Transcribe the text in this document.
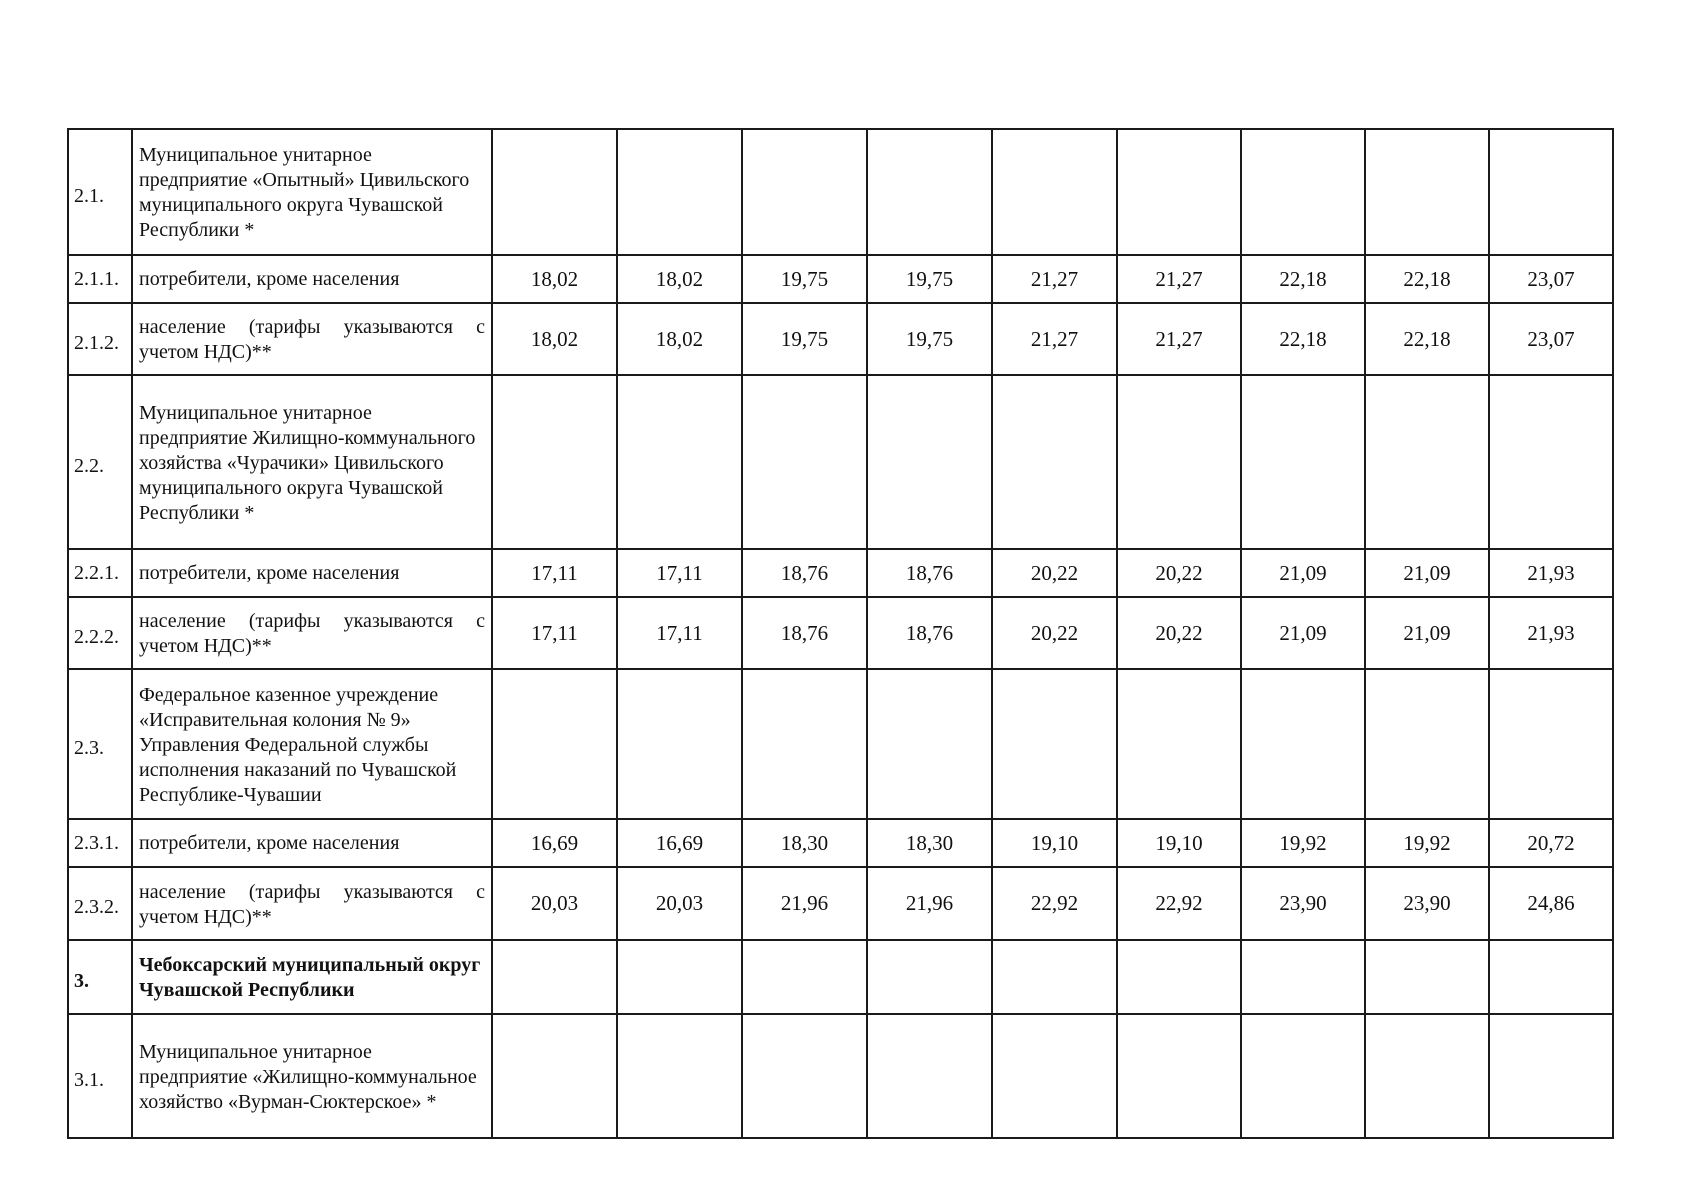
2.1.	Муниципальное унитарное предприятие «Опытный» Цивильского муниципального округа Чувашской Республики *									
2.1.1.	потребители, кроме населения	18,02	18,02	19,75	19,75	21,27	21,27	22,18	22,18	23,07
2.1.2.	население (тарифы указываются с учетом НДС)**	18,02	18,02	19,75	19,75	21,27	21,27	22,18	22,18	23,07
2.2.	Муниципальное унитарное предприятие Жилищно-коммунального хозяйства «Чурачики» Цивильского муниципального округа Чувашской Республики *									
2.2.1.	потребители, кроме населения	17,11	17,11	18,76	18,76	20,22	20,22	21,09	21,09	21,93
2.2.2.	население (тарифы указываются с учетом НДС)**	17,11	17,11	18,76	18,76	20,22	20,22	21,09	21,09	21,93
2.3.	Федеральное казенное учреждение «Исправительная колония № 9» Управления Федеральной службы исполнения наказаний по Чувашской Республике-Чувашии									
2.3.1.	потребители, кроме населения	16,69	16,69	18,30	18,30	19,10	19,10	19,92	19,92	20,72
2.3.2.	население (тарифы указываются с учетом НДС)**	20,03	20,03	21,96	21,96	22,92	22,92	23,90	23,90	24,86
3.	Чебоксарский муниципальный округ Чувашской Республики									
3.1.	Муниципальное унитарное предприятие «Жилищно-коммунальное хозяйство «Вурман-Сюктерское» *									
